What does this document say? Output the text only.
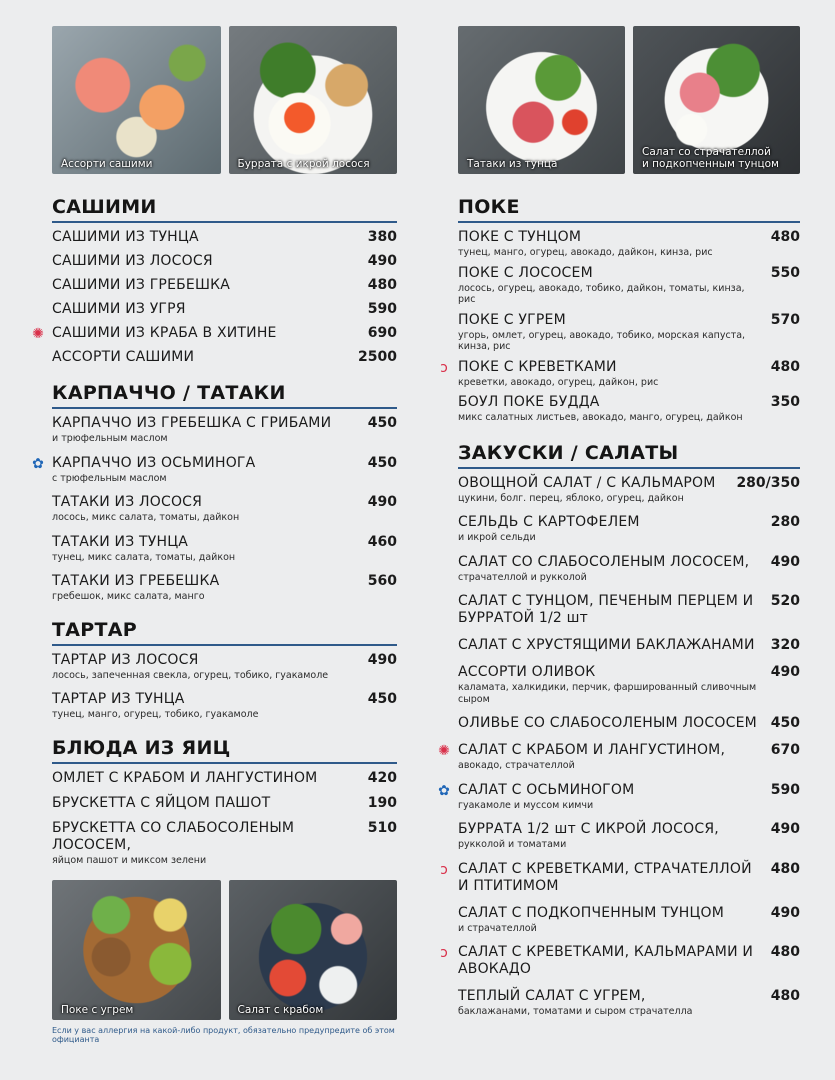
Ассорти сашими	Буррата с икрой лосося
САШИМИ
САШИМИ ИЗ ТУНЦА	380
САШИМИ ИЗ ЛОСОСЯ	490
САШИМИ ИЗ ГРЕБЕШКА	480
САШИМИ ИЗ УГРЯ	590
✺ САШИМИ ИЗ КРАБА В ХИТИНЕ	690
АССОРТИ САШИМИ	2500
КАРПАЧЧО / ТАТАКИ
КАРПАЧЧО ИЗ ГРЕБЕШКА С ГРИБАМИ
и трюфельным маслом
450
✿ КАРПАЧЧО ИЗ ОСЬМИНОГА
с трюфельным маслом
450
ТАТАКИ ИЗ ЛОСОСЯ
лосось, микс салата, томаты, дайкон
490
ТАТАКИ ИЗ ТУНЦА
тунец, микс салата, томаты, дайкон
460
ТАТАКИ ИЗ ГРЕБЕШКА
гребешок, микс салата, манго
560
ТАРТАР
ТАРТАР ИЗ ЛОСОСЯ
лосось, запеченная свекла, огурец, тобико, гуакамоле
490
ТАРТАР ИЗ ТУНЦА
тунец, манго, огурец, тобико, гуакамоле
450
БЛЮДА ИЗ ЯИЦ
ОМЛЕТ С КРАБОМ И ЛАНГУСТИНОМ	420
БРУСКЕТТА С ЯЙЦОМ ПАШОТ	190
БРУСКЕТТА СО СЛАБОСОЛЕНЫМ ЛОСОСЕМ,
яйцом пашот и миксом зелени
510
Поке с угрем	Салат с крабом
Если у вас аллергия на какой-либо продукт, обязательно предупредите об этом официанта
Татаки из тунца
Салат со страчателлой
и подкопченным тунцом
ПОКЕ
ПОКЕ С ТУНЦОМ
тунец, манго, огурец, авокадо, дайкон, кинза, рис
480
ПОКЕ С ЛОСОСЕМ
лосось, огурец, авокадо, тобико, дайкон, томаты, кинза, рис
550
ПОКЕ С УГРЕМ
угорь, омлет, огурец, авокадо, тобико, морская капуста, кинза, рис
570
ↄ ПОКЕ С КРЕВЕТКАМИ
креветки, авокадо, огурец, дайкон, рис
480
БОУЛ ПОКЕ БУДДА
микс салатных листьев, авокадо, манго, огурец, дайкон
350
ЗАКУСКИ / САЛАТЫ
ОВОЩНОЙ САЛАТ / С КАЛЬМАРОМ
цукини, болг. перец, яблоко, огурец, дайкон
280/350
СЕЛЬДЬ С КАРТОФЕЛЕМ
и икрой сельди
280
САЛАТ СО СЛАБОСОЛЕНЫМ ЛОСОСЕМ,
страчателлой и рукколой
490
САЛАТ С ТУНЦОМ, ПЕЧЕНЫМ ПЕРЦЕМ И БУРРАТОЙ 1/2 шт
520
САЛАТ С ХРУСТЯЩИМИ БАКЛАЖАНАМИ 320
АССОРТИ ОЛИВОК
каламата, халкидики, перчик, фаршированный сливочным сыром
490
ОЛИВЬЕ СО СЛАБОСОЛЕНЫМ ЛОСОСЕМ 450
✺ САЛАТ С КРАБОМ И ЛАНГУСТИНОМ,
авокадо, страчателлой
670
✿ САЛАТ С ОСЬМИНОГОМ
гуакамоле и муссом кимчи
590
БУРРАТА 1/2 шт С ИКРОЙ ЛОСОСЯ,
рукколой и томатами
490
ↄ САЛАТ С КРЕВЕТКАМИ, СТРАЧАТЕЛЛОЙ И ПТИТИМОМ
480
САЛАТ С ПОДКОПЧЕННЫМ ТУНЦОМ
и страчателлой
490
ↄ САЛАТ С КРЕВЕТКАМИ, КАЛЬМАРАМИ И АВОКАДО
480
ТЕПЛЫЙ САЛАТ С УГРЕМ,
баклажанами, томатами и сыром страчателла
480
